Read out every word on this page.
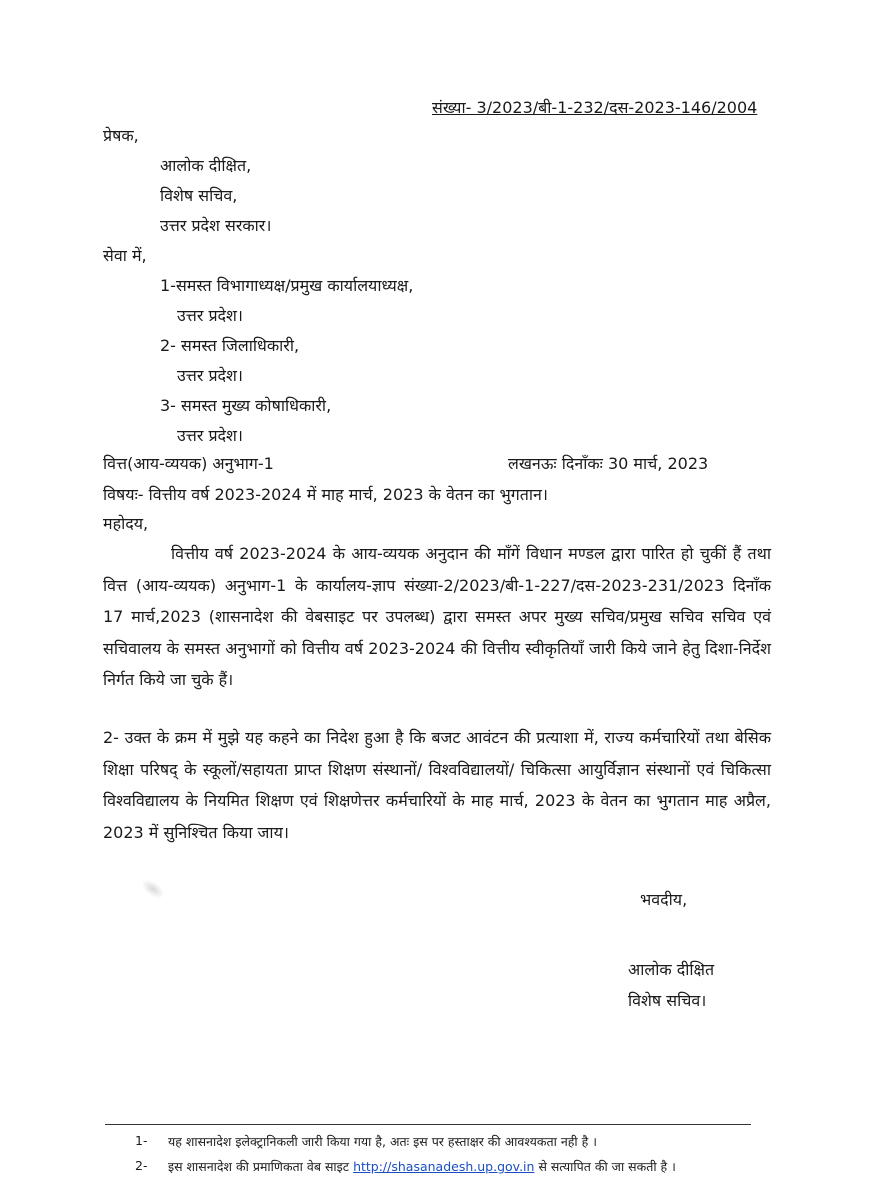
संख्या- 3/2023/बी-1-232/दस-2023-146/2004
प्रेषक,
आलोक दीक्षित,
विशेष सचिव,
उत्तर प्रदेश सरकार।
सेवा में,
1-समस्त विभागाध्यक्ष/प्रमुख कार्यालयाध्यक्ष,
उत्तर प्रदेश।
2- समस्त जिलाधिकारी,
उत्तर प्रदेश।
3- समस्त मुख्य कोषाधिकारी,
उत्तर प्रदेश।
वित्त(आय-व्ययक) अनुभाग-1	लखनऊः दिनाँकः 30 मार्च, 2023
विषयः- वित्तीय वर्ष 2023-2024 में माह मार्च, 2023 के वेतन का भुगतान।
महोदय,

वित्तीय वर्ष 2023-2024 के आय-व्ययक अनुदान की माँगें विधान मण्डल द्वारा पारित हो चुकीं हैं तथा वित्त (आय-व्ययक) अनुभाग-1 के कार्यालय-ज्ञाप संख्या-2/2023/बी-1-227/दस-2023-231/2023 दिनाँक 17 मार्च,2023 (शासनादेश की वेबसाइट पर उपलब्ध) द्वारा समस्त अपर मुख्य सचिव/प्रमुख सचिव सचिव एवं सचिवालय के समस्त अनुभागों को वित्तीय वर्ष 2023-2024 की वित्तीय स्वीकृतियाँ जारी किये जाने हेतु दिशा-निर्देश निर्गत किये जा चुके हैं।

2- उक्त के क्रम में मुझे यह कहने का निदेश हुआ है कि बजट आवंटन की प्रत्याशा में, राज्य कर्मचारियों तथा बेसिक शिक्षा परिषद् के स्कूलों/सहायता प्राप्त शिक्षण संस्थानों/ विश्वविद्यालयों/ चिकित्सा आयुर्विज्ञान संस्थानों एवं चिकित्सा विश्वविद्यालय के नियमित शिक्षण एवं शिक्षणेत्तर कर्मचारियों के माह मार्च, 2023 के वेतन का भुगतान माह अप्रैल, 2023 में सुनिश्चित किया जाय।

भवदीय,
आलोक दीक्षित
विशेष सचिव।
1- यह शासनादेश इलेक्ट्रानिकली जारी किया गया है, अतः इस पर हस्ताक्षर की आवश्यकता नही है ।
2- इस शासनादेश की प्रमाणिकता वेब साइट http://shasanadesh.up.gov.in से सत्यापित की जा सकती है ।
